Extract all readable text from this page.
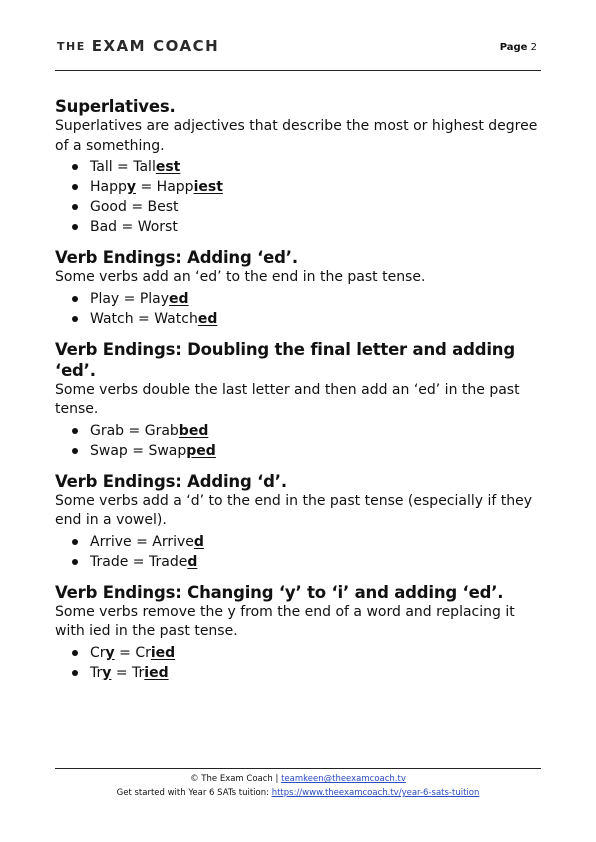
THE EXAM COACH	Page 2
Superlatives.

Superlatives are adjectives that describe the most or highest degree of a something.

Tall = Tallest
Happy = Happiest
Good = Best
Bad = Worst
Verb Endings: Adding ‘ed’.

Some verbs add an ‘ed’ to the end in the past tense.

Play = Played
Watch = Watched
Verb Endings: Doubling the final letter and adding ‘ed’.

Some verbs double the last letter and then add an ‘ed’ in the past tense.

Grab = Grabbed
Swap = Swapped
Verb Endings: Adding ‘d’.

Some verbs add a ‘d’ to the end in the past tense (especially if they end in a vowel).

Arrive = Arrived
Trade = Traded
Verb Endings: Changing ‘y’ to ‘i’ and adding ‘ed’.

Some verbs remove the y from the end of a word and replacing it with ied in the past tense.

Cry = Cried
Try = Tried
© The Exam Coach | teamkeen@theexamcoach.tv
Get started with Year 6 SATs tuition: https://www.theexamcoach.tv/year-6-sats-tuition
